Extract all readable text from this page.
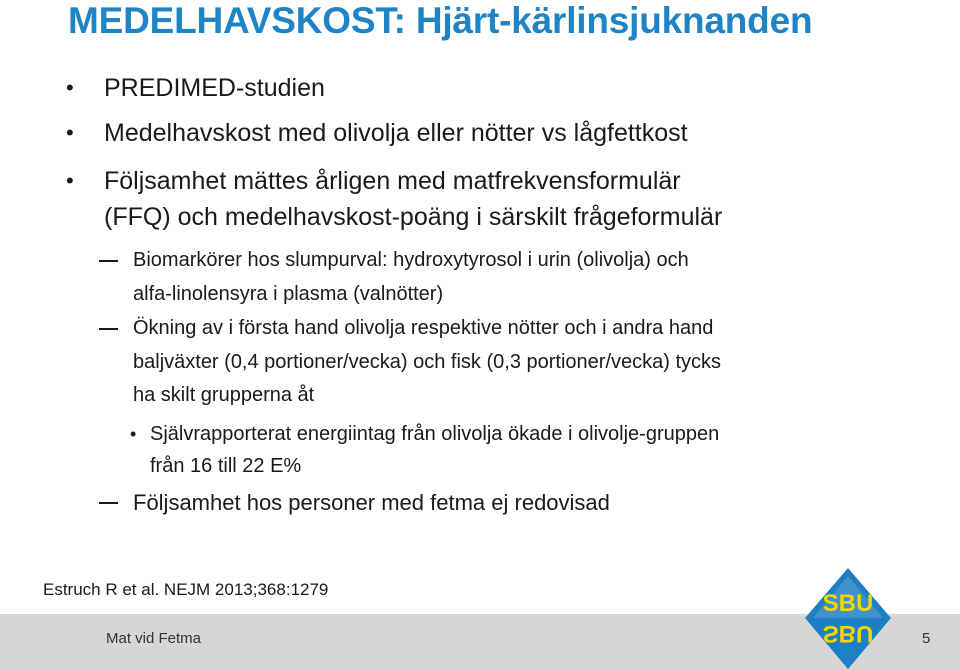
MEDELHAVSKOST: Hjärt-kärlinsjuknanden
• PREDIMED-studien
• Medelhavskost med olivolja eller nötter vs lågfettkost
• Följsamhet mättes årligen med matfrekvensformulär
(FFQ) och medelhavskost-poäng i särskilt frågeformulär
Biomarkörer hos slumpurval: hydroxytyrosol i urin (olivolja) och
alfa-linolensyra i plasma (valnötter)
Ökning av i första hand olivolja respektive nötter och i andra hand
baljväxter (0,4 portioner/vecka) och fisk (0,3 portioner/vecka) tycks
ha skilt grupperna åt
• Självrapporterat energiintag från olivolja ökade i olivolje-gruppen
från 16 till 22 E%
Följsamhet hos personer med fetma ej redovisad
Estruch R et al. NEJM 2013;368:1279
Mat vid Fetma	5
SBU
SBU
